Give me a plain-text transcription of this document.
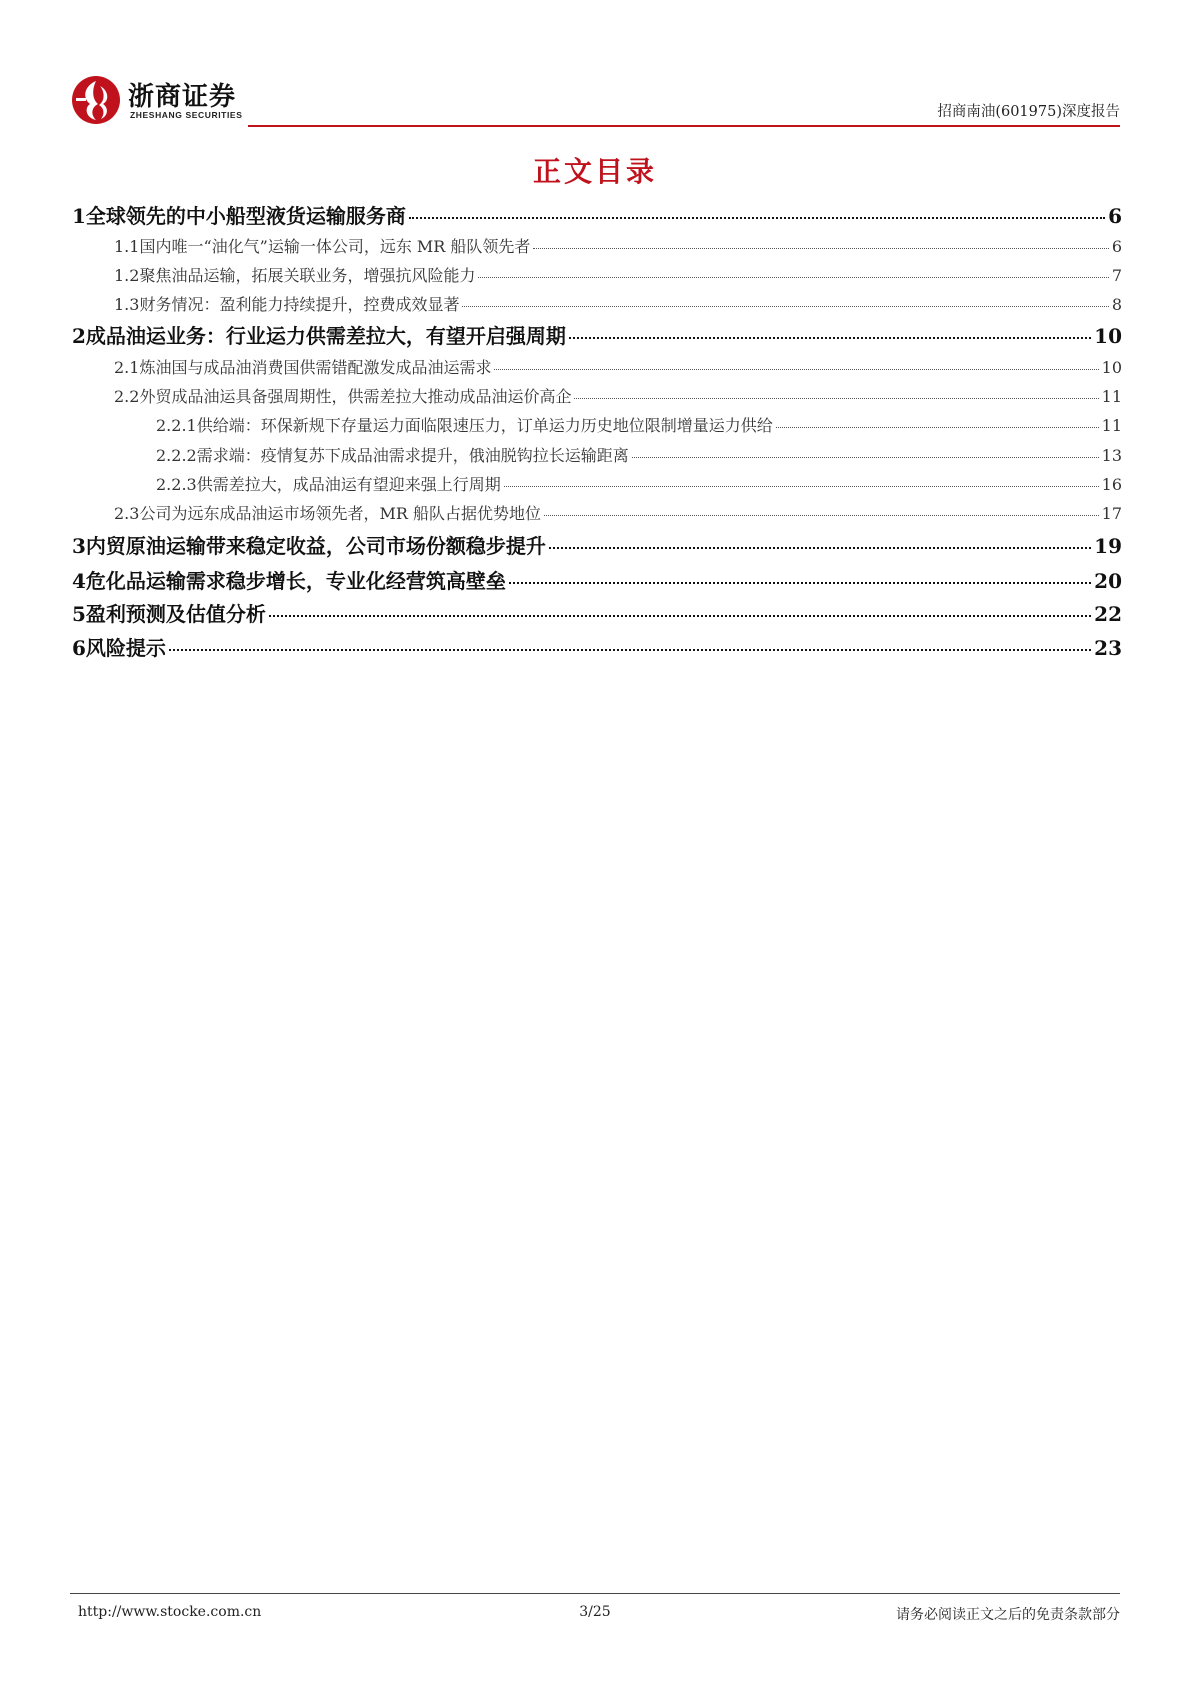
浙商证券
ZHESHANG SECURITIES	招商南油(601975)深度报告
正文目录
1 全球领先的中小船型液货运输服务商	6
1.1 国内唯一“油化气”运输一体公司，远东 MR 船队领先者	6
1.2 聚焦油品运输，拓展关联业务，增强抗风险能力	7
1.3 财务情况：盈利能力持续提升，控费成效显著	8
2 成品油运业务：行业运力供需差拉大，有望开启强周期	10
2.1 炼油国与成品油消费国供需错配激发成品油运需求	10
2.2 外贸成品油运具备强周期性，供需差拉大推动成品油运价高企	11
2.2.1 供给端：环保新规下存量运力面临限速压力，订单运力历史地位限制增量运力供给	11
2.2.2 需求端：疫情复苏下成品油需求提升，俄油脱钩拉长运输距离	13
2.2.3 供需差拉大，成品油运有望迎来强上行周期	16
2.3 公司为远东成品油运市场领先者，MR 船队占据优势地位	17
3 内贸原油运输带来稳定收益，公司市场份额稳步提升	19
4 危化品运输需求稳步增长，专业化经营筑高壁垒	20
5 盈利预测及估值分析	22
6 风险提示	23
http://www.stocke.com.cn	3/25	请务必阅读正文之后的免责条款部分
